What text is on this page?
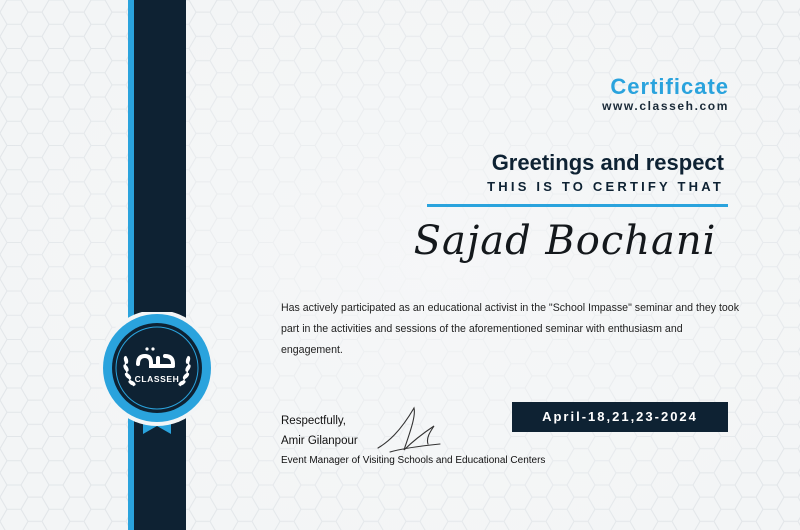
CLASSEH
Certificate
www.classeh.com
Greetings and respect
THIS IS TO CERTIFY THAT
Sajad Bochani

Has actively participated as an educational activist in the "School Impasse" seminar and they took part in the activities and sessions of the aforementioned seminar with enthusiasm and engagement.

Respectfully,
Amir Gilanpour
Event Manager of Visiting Schools and Educational Centers
April-18,21,23-2024
